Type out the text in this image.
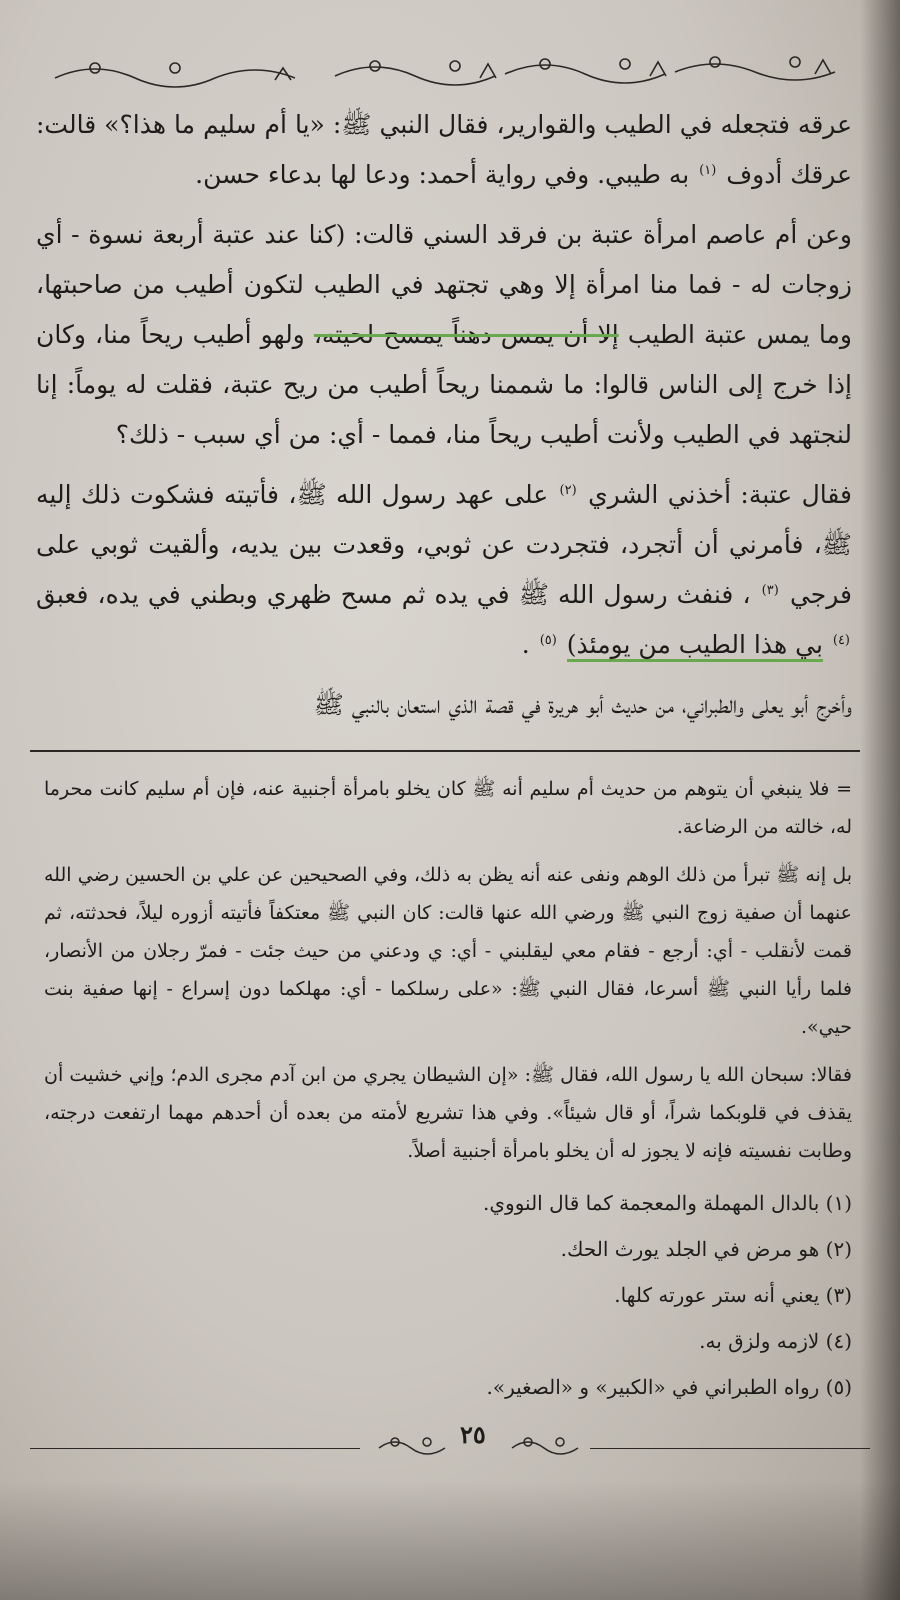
عرقه فتجعله في الطيب والقوارير، فقال النبي ﷺ: «يا أم سليم ما هذا؟» قالت: عرقك أدوف $^{(١)}$ به طيبي. وفي رواية أحمد: ودعا لها بدعاء حسن.

وعن أم عاصم امرأة عتبة بن فرقد السني قالت: (كنا عند عتبة أربعة نسوة - أي زوجات له - فما منا امرأة إلا وهي تجتهد في الطيب لتكون أطيب من صاحبتها، وما يمس عتبة الطيب إلا أن يمس دهناً يمسح لحيته، ولهو أطيب ريحاً منا، وكان إذا خرج إلى الناس قالوا: ما شممنا ريحاً أطيب من ريح عتبة، فقلت له يوماً: إنا لنجتهد في الطيب ولأنت أطيب ريحاً منا، فمما - أي: من أي سبب - ذلك؟

فقال عتبة: أخذني الشري $^{(٢)}$ على عهد رسول الله ﷺ، فأتيته فشكوت ذلك إليه ﷺ، فأمرني أن أتجرد، فتجردت عن ثوبي، وقعدت بين يديه، وألقيت ثوبي على فرجي $^{(٣)}$ ، فنفث رسول الله ﷺ في يده ثم مسح ظهري وبطني في يده، فعبق $^{(٤)}$ بي هذا الطيب من يومئذ) $^{(٥)}$ .

وأخرج أبو يعلى والطبراني، من حديث أبو هريرة في قصة الذي استعان بالنبي ﷺ

= فلا ينبغي أن يتوهم من حديث أم سليم أنه ﷺ كان يخلو بامرأة أجنبية عنه، فإن أم سليم كانت محرما له، خالته من الرضاعة.

بل إنه ﷺ تبرأ من ذلك الوهم ونفى عنه أنه يظن به ذلك، وفي الصحيحين عن علي بن الحسين رضي الله عنهما أن صفية زوج النبي ﷺ ورضي الله عنها قالت: كان النبي ﷺ معتكفاً فأتيته أزوره ليلاً، فحدثته، ثم قمت لأنقلب - أي: أرجع - فقام معي ليقلبني - أي: ي ودعني من حيث جئت - فمرّ رجلان من الأنصار، فلما رأيا النبي ﷺ أسرعا، فقال النبي ﷺ: «على رسلكما - أي: مهلكما دون إسراع - إنها صفية بنت حيي».

فقالا: سبحان الله يا رسول الله، فقال ﷺ: «إن الشيطان يجري من ابن آدم مجرى الدم؛ وإني خشيت أن يقذف في قلوبكما شراً، أو قال شيئاً». وفي هذا تشريع لأمته من بعده أن أحدهم مهما ارتفعت درجته، وطابت نفسيته فإنه لا يجوز له أن يخلو بامرأة أجنبية أصلاً.

(١) بالدال المهملة والمعجمة كما قال النووي.
(٢) هو مرض في الجلد يورث الحك.
(٣) يعني أنه ستر عورته كلها.
(٤) لازمه ولزق به.
(٥) رواه الطبراني في «الكبير» و «الصغير».
٢٥
